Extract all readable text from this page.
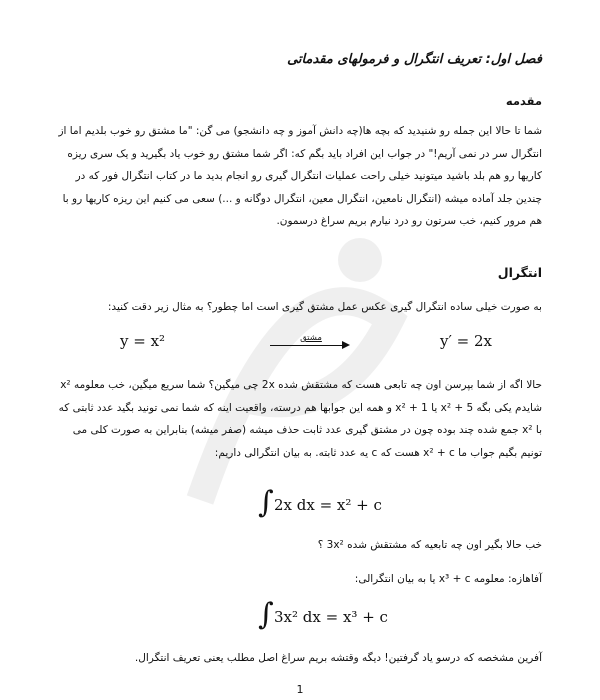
فصل اول: تعریف انتگرال و فرمولهای مقدماتی
مقدمه
شما تا حالا این جمله رو شنیدید که بچه ها(چه دانش آموز و چه دانشجو) می گن: "ما مشتق رو خوب بلدیم اما از انتگرال سر در نمی آریم!" در جواب این افراد باید بگم که: اگر شما مشتق رو خوب یاد بگیرید و یک سری ریزه کاریها رو هم بلد باشید میتونید خیلی راحت عملیات انتگرال گیری رو انجام بدید ما در کتاب انتگرال فور که در چندین جلد آماده میشه (انتگرال نامعین، انتگرال معین، انتگرال دوگانه و ...) سعی می کنیم این ریزه کاریها رو با هم مرور کنیم، خب سرتون رو درد نیارم بریم سراغ درسمون.
انتگرال
به صورت خیلی ساده انتگرال گیری عکس عمل مشتق گیری است اما چطور؟ به مثال زیر دقت کنید:
y = x²	مشتق	y′ = 2x
حالا اگه از شما بپرسن اون چه تابعی هست که مشتقش شده 2x چی میگین؟ شما سریع میگین، خب معلومه x² شایدم یکی بگه x² + 5 یا x² + 1 و همه این جوابها هم درسته، واقعیت اینه که شما نمی تونید بگید عدد ثابتی که با x² جمع شده چند بوده چون در مشتق گیری عدد ثابت حذف میشه (صفر میشه) بنابراین به صورت کلی می تونیم بگیم جواب ما x² + c هست که c یه عدد ثابته. به بیان انتگرالی داریم:
∫ 2x dx = x² + c
خب حالا بگیر اون چه تابعیه که مشتقش شده 3x² ؟
آفاهازه: معلومه x³ + c یا به بیان انتگرالی:
∫ 3x² dx = x³ + c
آفرین مشخصه که درسو یاد گرفتین! دیگه وقتشه بریم سراغ اصل مطلب یعنی تعریف انتگرال.
1
